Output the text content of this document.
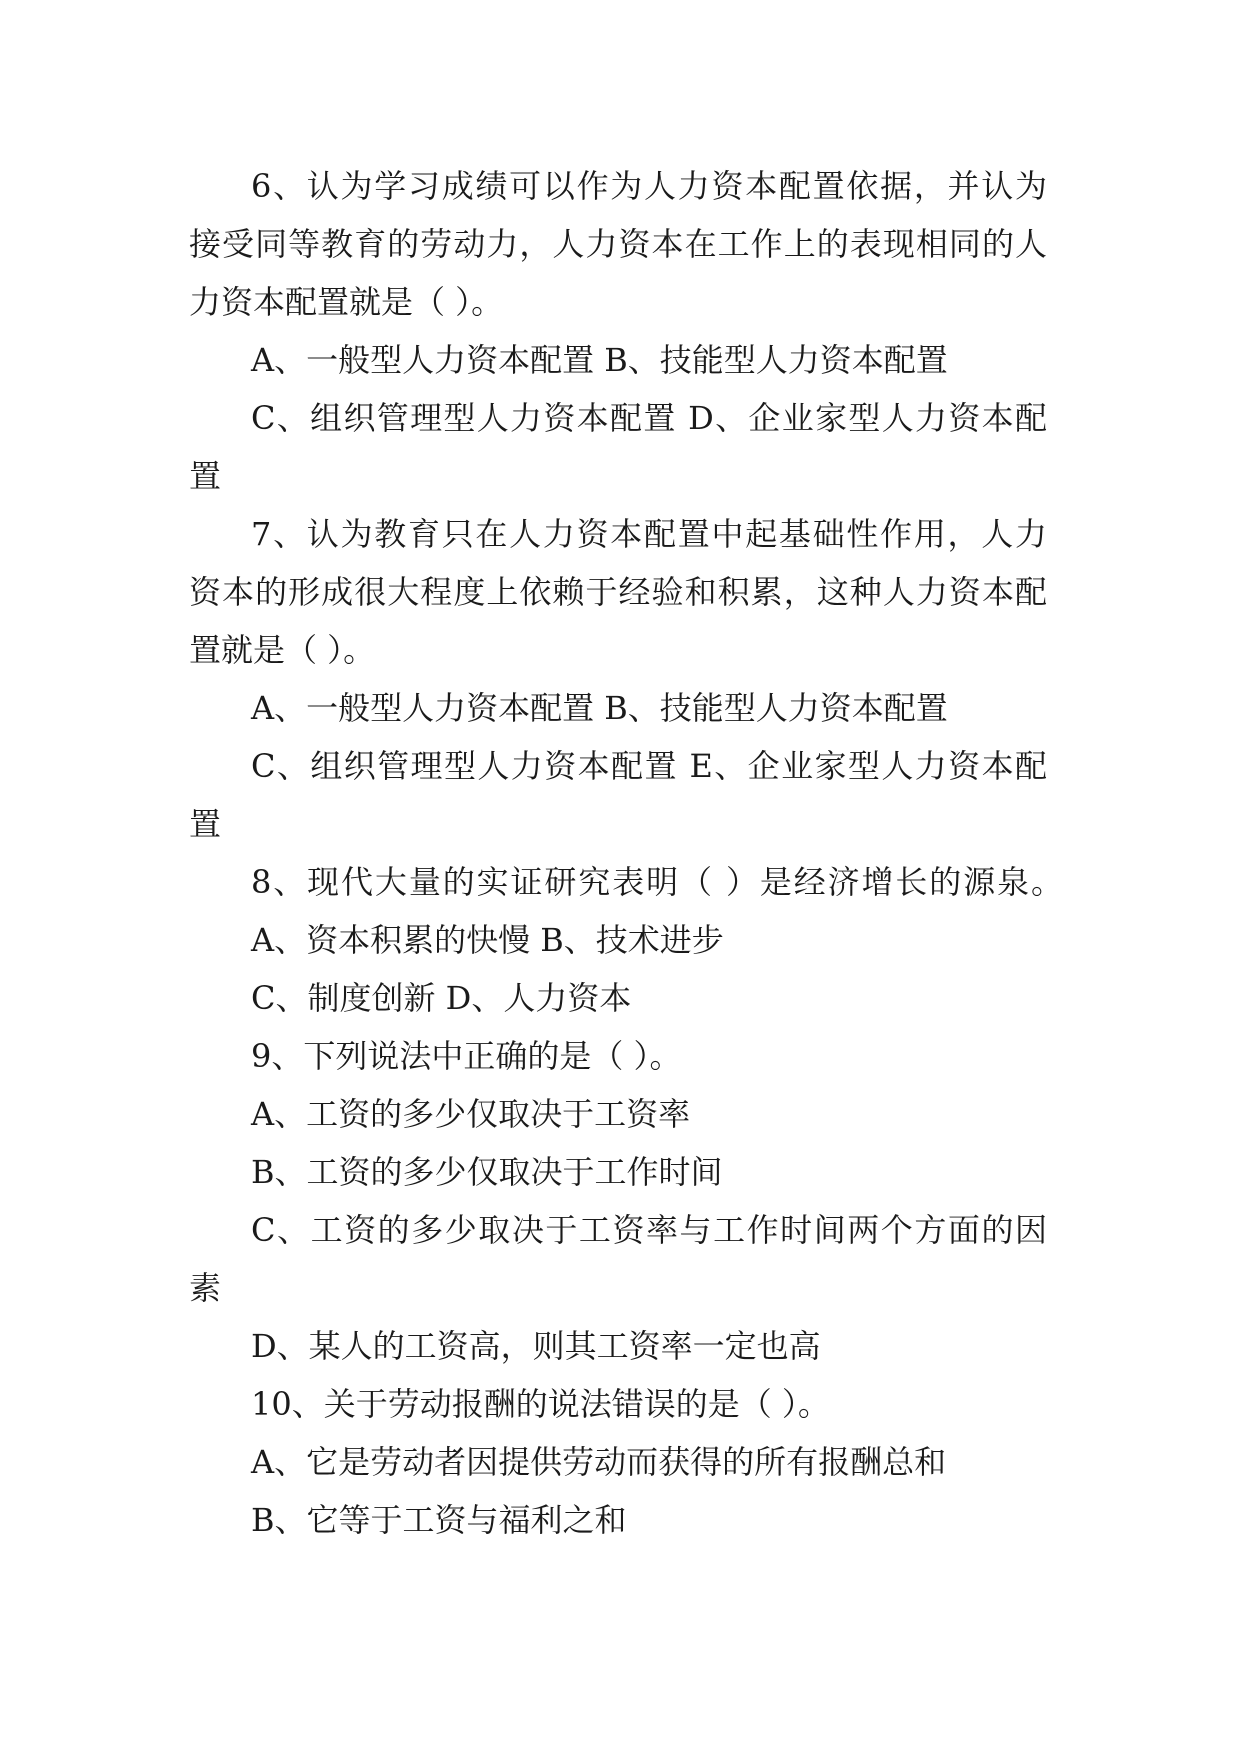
6、认为学习成绩可以作为人力资本配置依据，并认为
接受同等教育的劳动力，人力资本在工作上的表现相同的人
力资本配置就是（ ）。
A、一般型人力资本配置 B、技能型人力资本配置
C、组织管理型人力资本配置 D、企业家型人力资本配
置
7、认为教育只在人力资本配置中起基础性作用，人力
资本的形成很大程度上依赖于经验和积累，这种人力资本配
置就是（ ）。
A、一般型人力资本配置 B、技能型人力资本配置
C、组织管理型人力资本配置 E、企业家型人力资本配
置
8、现代大量的实证研究表明（ ）是经济增长的源泉。
A、资本积累的快慢 B、技术进步
C、制度创新 D、人力资本
9、下列说法中正确的是（ ）。
A、工资的多少仅取决于工资率
B、工资的多少仅取决于工作时间
C、工资的多少取决于工资率与工作时间两个方面的因
素
D、某人的工资高，则其工资率一定也高
10、关于劳动报酬的说法错误的是（ ）。
A、它是劳动者因提供劳动而获得的所有报酬总和
B、它等于工资与福利之和
